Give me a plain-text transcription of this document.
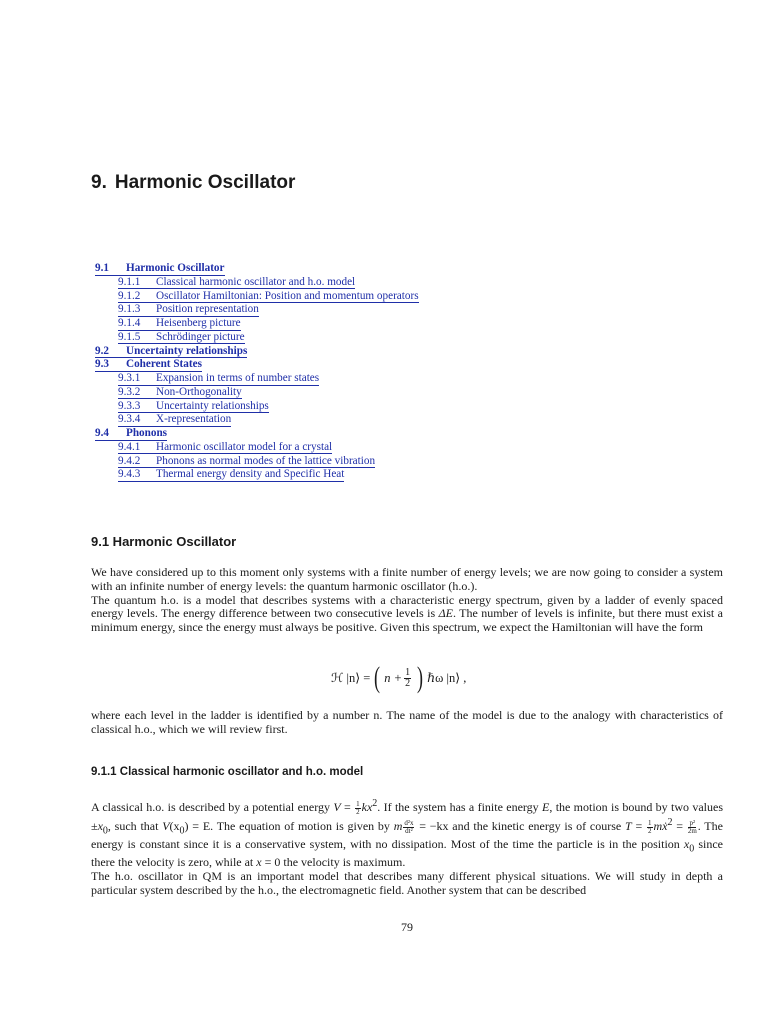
9. Harmonic Oscillator
9.1 Harmonic Oscillator
9.1.1 Classical harmonic oscillator and h.o. model
9.1.2 Oscillator Hamiltonian: Position and momentum operators
9.1.3 Position representation
9.1.4 Heisenberg picture
9.1.5 Schrödinger picture
9.2 Uncertainty relationships
9.3 Coherent States
9.3.1 Expansion in terms of number states
9.3.2 Non-Orthogonality
9.3.3 Uncertainty relationships
9.3.4 X-representation
9.4 Phonons
9.4.1 Harmonic oscillator model for a crystal
9.4.2 Phonons as normal modes of the lattice vibration
9.4.3 Thermal energy density and Specific Heat
9.1 Harmonic Oscillator

We have considered up to this moment only systems with a finite number of energy levels; we are now going to consider a system with an infinite number of energy levels: the quantum harmonic oscillator (h.o.).

The quantum h.o. is a model that describes systems with a characteristic energy spectrum, given by a ladder of evenly spaced energy levels. The energy difference between two consecutive levels is ΔE. The number of levels is infinite, but there must exist a minimum energy, since the energy must always be positive. Given this spectrum, we expect the Hamiltonian will have the form

ℋ |n⟩ = ( $n + \frac{1}{2}$ ) ℏω |n⟩ ,

where each level in the ladder is identified by a number n. The name of the model is due to the analogy with characteristics of classical h.o., which we will review first.

9.1.1 Classical harmonic oscillator and h.o. model

A classical h.o. is described by a potential energy $V = \frac{1}{2} kx^2$. If the system has a finite energy E, the motion is bound by two values $\pm x_0$, such that $V(x_0) = E$. The equation of motion is given by m $\frac{\text{d²x}}{\text{dt²}} = -kx$ and the kinetic energy is of course $T = \frac{1}{2}$ mẋ$^2$ = $\frac{\text{p²}}{2m}$ . The energy is constant since it is a conservative system, with no dissipation. Most of the time the particle is in the position $x_0$ since there the velocity is zero, while at x = 0 the velocity is maximum.

The h.o. oscillator in QM is an important model that describes many different physical situations. We will study in depth a particular system described by the h.o., the electromagnetic field. Another system that can be described

79
